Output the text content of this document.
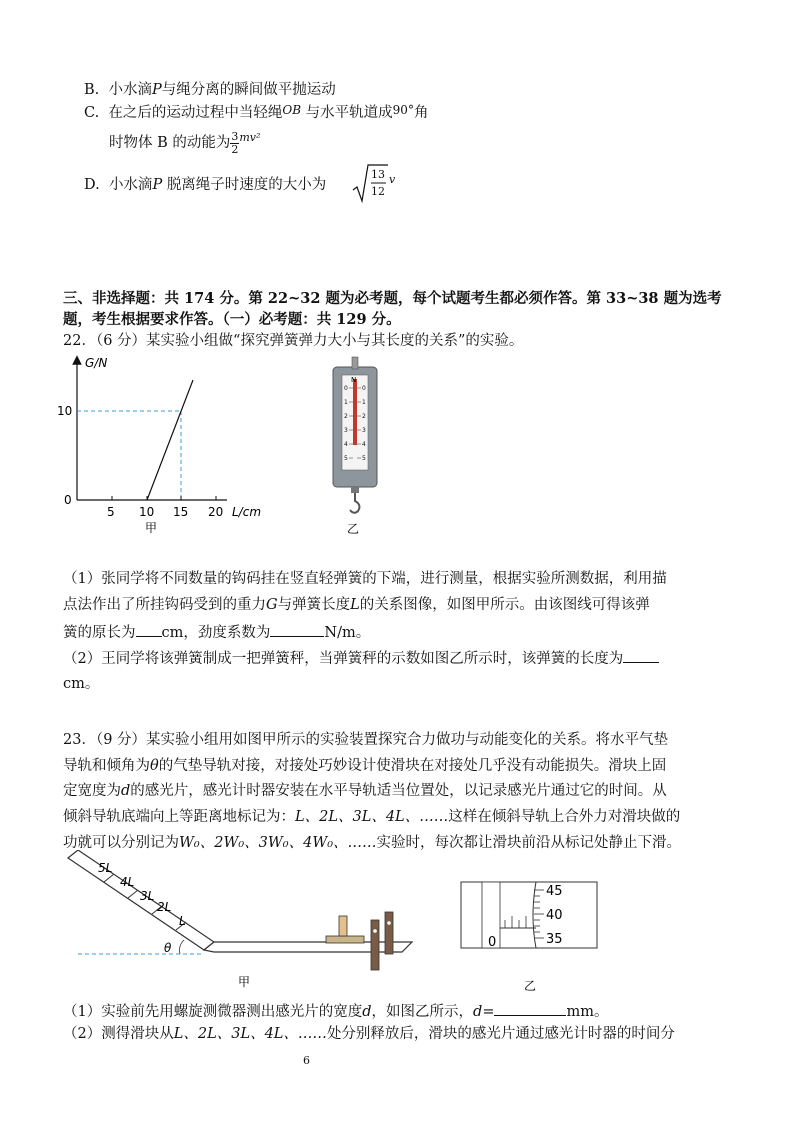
B. 小水滴P与绳分离的瞬间做平抛运动
C. 在之后的运动过程中当轻绳$^{OB}$ 与水平轨道成$^{90^\circ}$角
时物体 B 的动能为 $\frac{3}{2} ^{mv^2}$
D. 小水滴P 脱离绳子时速度的大小为
13
12
v
三、非选择题：共 174 分。第 22~32 题为必考题，每个试题考生都必须作答。第 33~38 题为选考
题，考生根据要求作答。（一）必考题：共 129 分。
22．（6 分）某实验小组做“探究弹簧弹力大小与其长度的关系”的实验。
G/N
10
0
5 10 15 20 L/cm
甲
N
0
1
2
3
4
5
0
1
2
3
4
5
乙
（1）张同学将不同数量的钩码挂在竖直轻弹簧的下端，进行测量，根据实验所测数据，利用描
点法作出了所挂钩码受到的重力G与弹簧长度L的关系图像，如图甲所示。由该图线可得该弹
簧的原长为 cm，劲度系数为	N/m。
（2）王同学将该弹簧制成一把弹簧秤，当弹簧秤的示数如图乙所示时，该弹簧的长度为
cm。
23．（9 分）某实验小组用如图甲所示的实验装置探究合力做功与动能变化的关系。将水平气垫
导轨和倾角为θ的气垫导轨对接，对接处巧妙设计使滑块在对接处几乎没有动能损失。滑块上固
定宽度为d的感光片，感光计时器安装在水平导轨适当位置处，以记录感光片通过它的时间。从
倾斜导轨底端向上等距离地标记为：L、2L、3L、4L、……这样在倾斜导轨上合外力对滑块做的
功就可以分别记为W₀、2W₀、3W₀、4W₀、……实验时，每次都让滑块前沿从标记处静止下滑。
5L
4L
3L
2L
L
θ
甲
45
40
35
0
乙
（1）实验前先用螺旋测微器测出感光片的宽度d，如图乙所示，d=	mm。
（2）测得滑块从L、2L、3L、4L、……处分别释放后，滑块的感光片通过感光计时器的时间分
6
